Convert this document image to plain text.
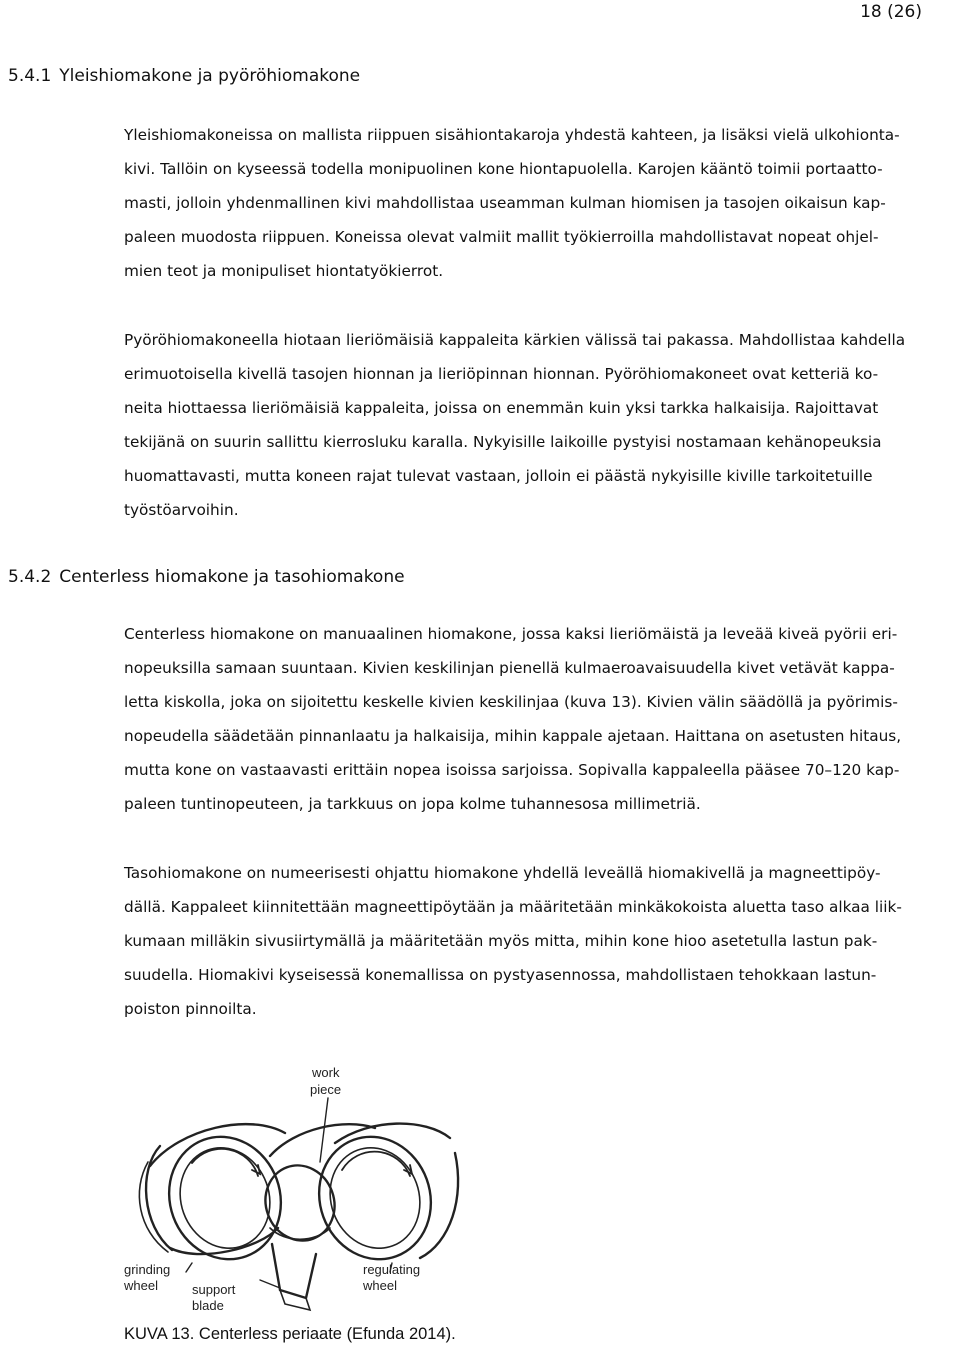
18 (26)
5.4.1 Yleishiomakone ja pyöröhiomakone

Yleishiomakoneissa on mallista riippuen sisähiontakaroja yhdestä kahteen, ja lisäksi vielä ulkohionta-
kivi. Tallöin on kyseessä todella monipuolinen kone hiontapuolella. Karojen kääntö toimii portaatto-
masti, jolloin yhdenmallinen kivi mahdollistaa useamman kulman hiomisen ja tasojen oikaisun kap-
paleen muodosta riippuen. Koneissa olevat valmiit mallit työkierroilla mahdollistavat nopeat ohjel-
mien teot ja monipuliset hiontatyökierrot.

Pyöröhiomakoneella hiotaan lieriömäisiä kappaleita kärkien välissä tai pakassa. Mahdollistaa kahdella
erimuotoisella kivellä tasojen hionnan ja lieriöpinnan hionnan. Pyöröhiomakoneet ovat ketteriä ko-
neita hiottaessa lieriömäisiä kappaleita, joissa on enemmän kuin yksi tarkka halkaisija. Rajoittavat
tekijänä on suurin sallittu kierrosluku karalla. Nykyisille laikoille pystyisi nostamaan kehänopeuksia
huomattavasti, mutta koneen rajat tulevat vastaan, jolloin ei päästä nykyisille kiville tarkoitetuille
työstöarvoihin.

5.4.2 Centerless hiomakone ja tasohiomakone

Centerless hiomakone on manuaalinen hiomakone, jossa kaksi lieriömäistä ja leveää kiveä pyörii eri-
nopeuksilla samaan suuntaan. Kivien keskilinjan pienellä kulmaeroavaisuudella kivet vetävät kappa-
letta kiskolla, joka on sijoitettu keskelle kivien keskilinjaa (kuva 13). Kivien välin säädöllä ja pyörimis-
nopeudella säädetään pinnanlaatu ja halkaisija, mihin kappale ajetaan. Haittana on asetusten hitaus,
mutta kone on vastaavasti erittäin nopea isoissa sarjoissa. Sopivalla kappaleella pääsee 70–120 kap-
paleen tuntinopeuteen, ja tarkkuus on jopa kolme tuhannesosa millimetriä.

Tasohiomakone on numeerisesti ohjattu hiomakone yhdellä leveällä hiomakivellä ja magneettipöy-
dällä. Kappaleet kiinnitettään magneettipöytään ja määritetään minkäkokoista aluetta taso alkaa liik-
kumaan milläkin sivusiirtymällä ja määritetään myös mitta, mihin kone hioo asetetulla lastun pak-
suudella. Hiomakivi kyseisessä konemallissa on pystyasennossa, mahdollistaen tehokkaan lastun-
poiston pinnoilta.

work
piece
grinding
wheel	support
blade
regulating
wheel
KUVA 13. Centerless periaate (Efunda 2014).
